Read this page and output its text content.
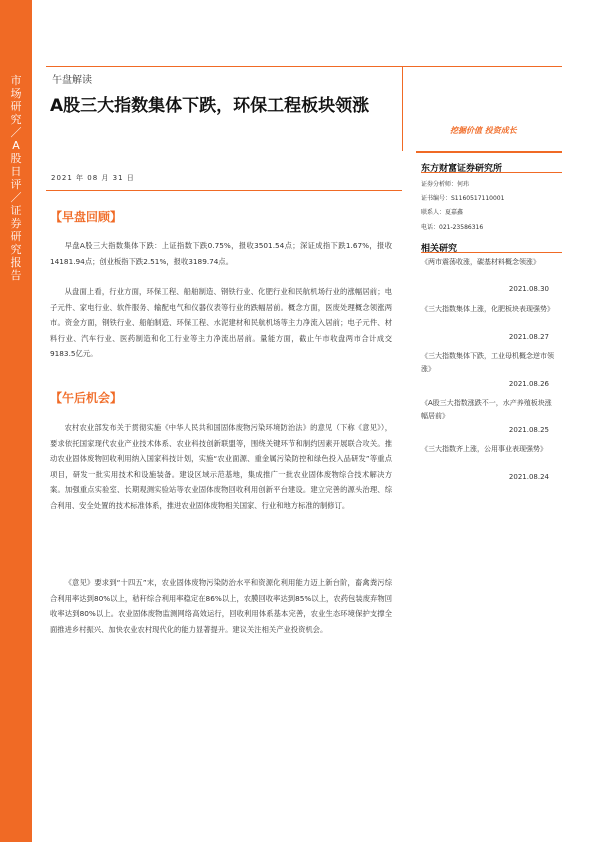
市场研究／A股日评／证券研究报告
午盘解读
A股三大指数集体下跌，环保工程板块领涨
2021 年 08 月 31 日
挖掘价值 投资成长
【早盘回顾】
早盘A股三大指数集体下跌：上证指数下跌0.75%，报收3501.54点；深证成指下跌1.67%，报收14181.94点；创业板指下跌2.51%，报收3189.74点。
从盘面上看，行业方面，环保工程、船舶制造、钢铁行业、化肥行业和民航机场行业的涨幅居前；电子元件、家电行业、软件服务、输配电气和仪器仪表等行业的跌幅居前。概念方面，医废处理概念领涨两市。资金方面，钢铁行业、船舶制造、环保工程、水泥建材和民航机场等主力净流入居前；电子元件、材料行业、汽车行业、医药制造和化工行业等主力净流出居前。量能方面，截止午市收盘两市合计成交9183.5亿元。
【午后机会】
农村农业部发布关于贯彻实施《中华人民共和国固体废物污染环境防治法》的意见（下称《意见》），要求依托国家现代农业产业技术体系、农业科技创新联盟等，围绕关键环节和制约因素开展联合攻关。推动农业固体废物回收利用纳入国家科技计划，实施“农业面源、重金属污染防控和绿色投入品研发”等重点项目，研发一批实用技术和设施装备。建设区域示范基地，集成推广一批农业固体废物综合技术解决方案。加强重点实验室、长期观测实验站等农业固体废物回收利用创新平台建设。建立完善的源头治理、综合利用、安全处置的技术标准体系，推进农业固体废物相关国家、行业和地方标准的制修订。
《意见》要求到“十四五”末，农业固体废物污染防治水平和资源化利用能力迈上新台阶，畜禽粪污综合利用率达到80%以上，秸秆综合利用率稳定在86%以上，农膜回收率达到85%以上，农药包装废弃物回收率达到80%以上。农业固体废物监测网络高效运行，回收利用体系基本完善，农业生态环境保护支撑全面推进乡村振兴、加快农业农村现代化的能力显著提升。建议关注相关产业投资机会。
东方财富证券研究所
证券分析师：何玮
证书编号：S1160517110001
联系人：夏嘉鑫
电话：021-23586316
相关研究
《两市震荡收涨，碳基材料概念领涨》
2021.08.30
《三大指数集体上涨，化肥板块表现强势》
2021.08.27
《三大指数集体下跌，工业母机概念逆市领涨》
2021.08.26
《A股三大指数涨跌不一，水产养殖板块涨幅居前》
2021.08.25
《三大指数齐上涨，公用事业表现强势》
2021.08.24
